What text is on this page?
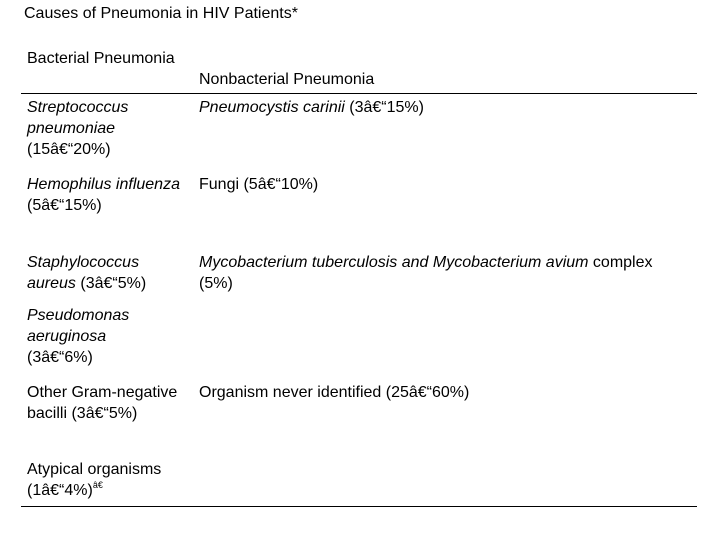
Causes of Pneumonia in HIV Patients*
Bacterial Pneumonia
Nonbacterial Pneumonia
Streptococcus pneumoniae
(15â€“20%)
Pneumocystis carinii (3â€“15%)
Hemophilus influenza
(5â€“15%)
Fungi (5â€“10%)
Staphylococcus aureus (3â€“5%)
Mycobacterium tuberculosis and Mycobacterium avium complex (5%)
Pseudomonas aeruginosa
(3â€“6%)
Other Gram-negative bacilli (3â€“5%)
Organism never identified (25â€“60%)
Atypical organisms (1â€“4%)$^{â€}$
